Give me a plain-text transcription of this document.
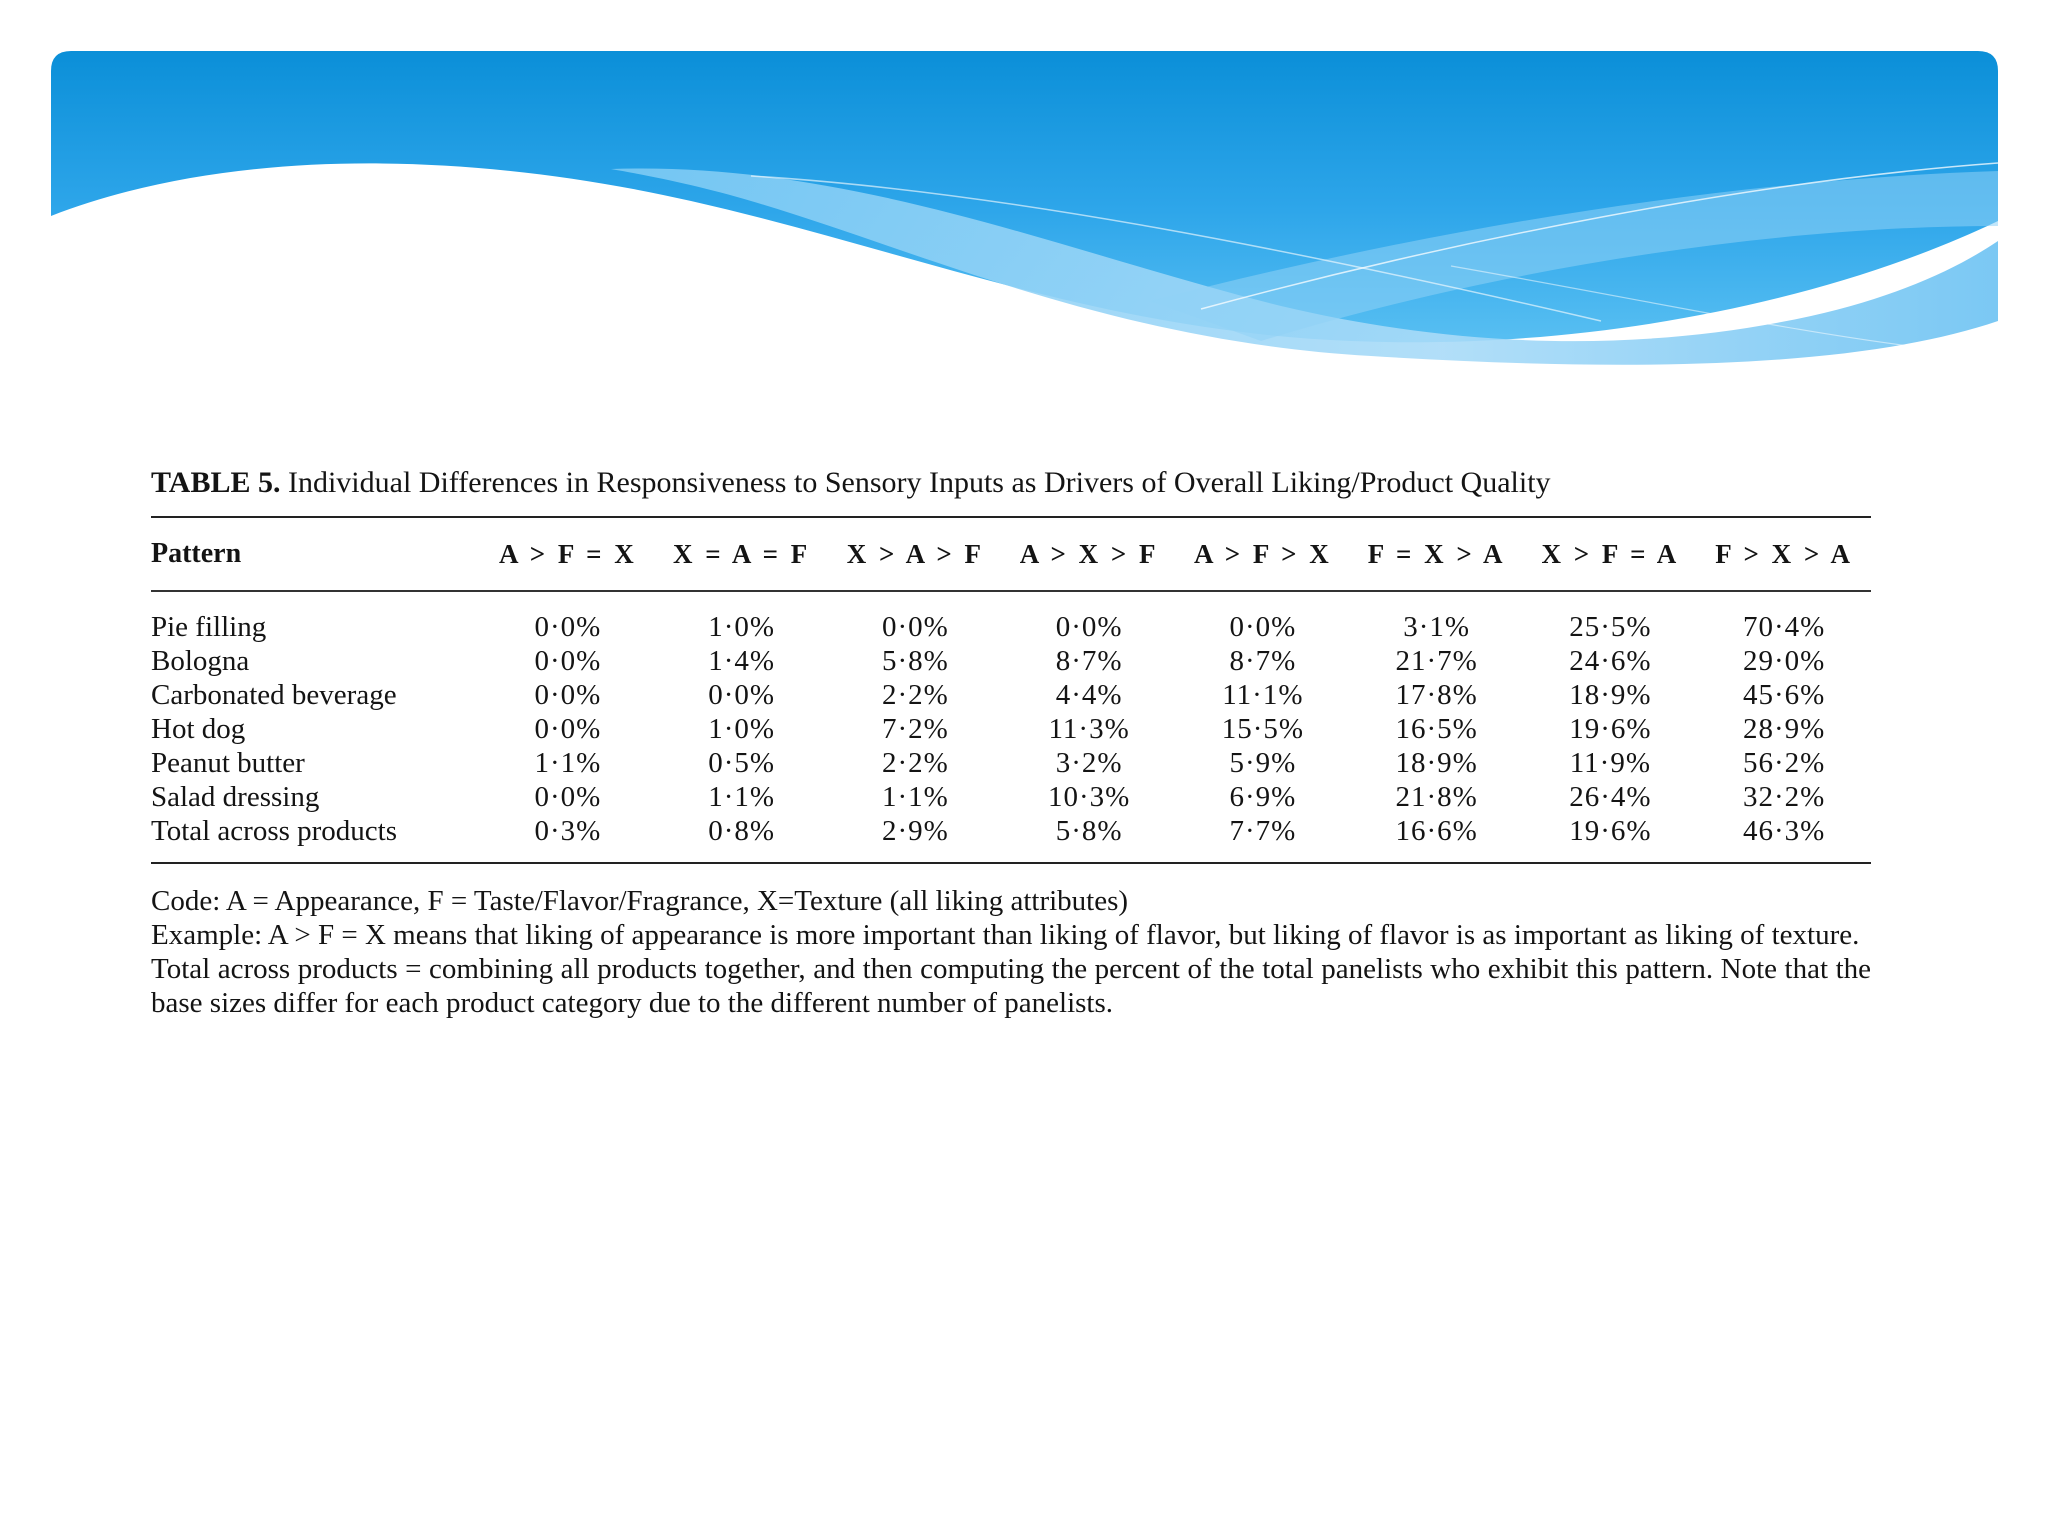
TABLE 5. Individual Differences in Responsiveness to Sensory Inputs as Drivers of Overall Liking/Product Quality
Pattern	A > F = X	X = A = F	X > A > F	A > X > F	A > F > X	F = X > A	X > F = A	F > X > A

Pie filling	0·0%	1·0%	0·0%	0·0%	0·0%	3·1%	25·5%	70·4%
Bologna	0·0%	1·4%	5·8%	8·7%	8·7%	21·7%	24·6%	29·0%
Carbonated beverage	0·0%	0·0%	2·2%	4·4%	11·1%	17·8%	18·9%	45·6%
Hot dog	0·0%	1·0%	7·2%	11·3%	15·5%	16·5%	19·6%	28·9%
Peanut butter	1·1%	0·5%	2·2%	3·2%	5·9%	18·9%	11·9%	56·2%
Salad dressing	0·0%	1·1%	1·1%	10·3%	6·9%	21·8%	26·4%	32·2%
Total across products	0·3%	0·8%	2·9%	5·8%	7·7%	16·6%	19·6%	46·3%

Code: A = Appearance, F = Taste/Flavor/Fragrance, X=Texture (all liking attributes)

Example: A > F = X means that liking of appearance is more important than liking of flavor, but liking of flavor is as important as liking of texture.

Total across products = combining all products together, and then computing the percent of the total panelists who exhibit this pattern. Note that the base sizes differ for each product category due to the different number of panelists.
